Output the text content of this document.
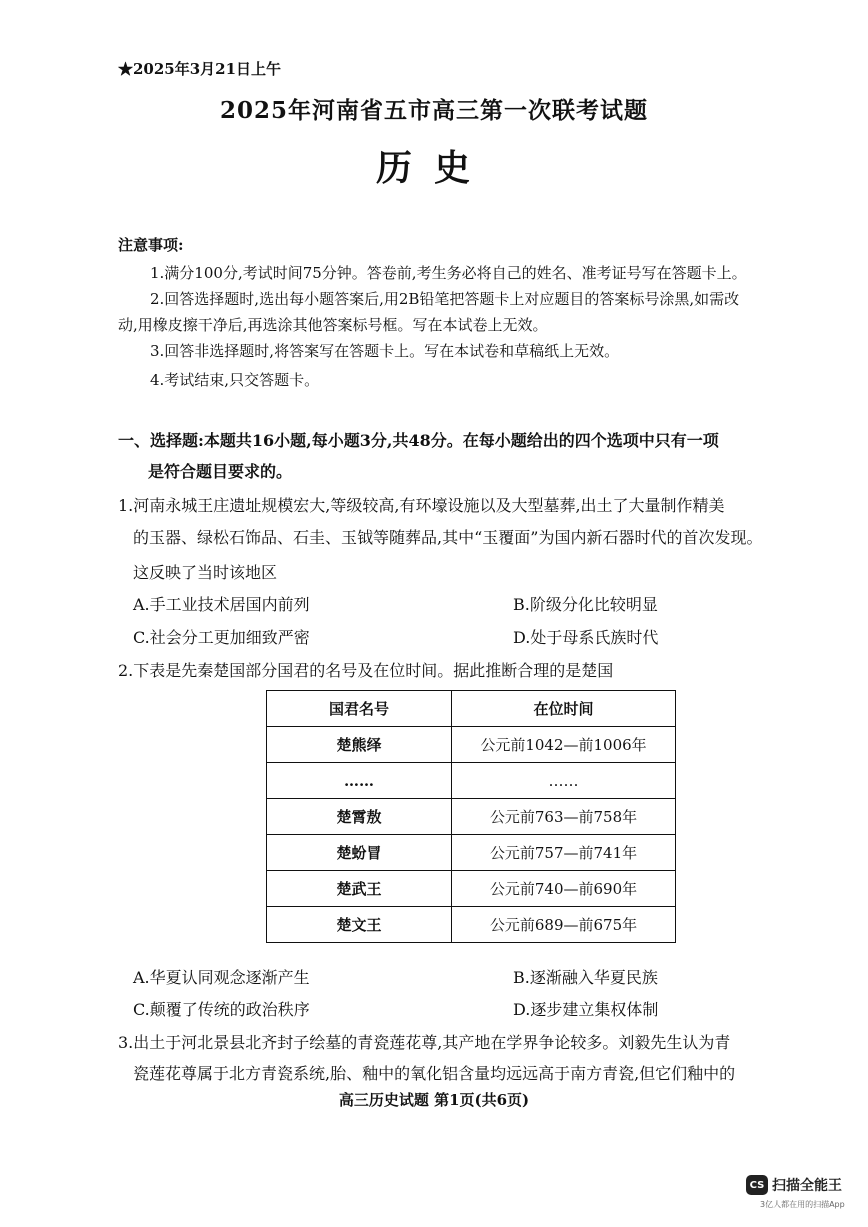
★2025年3月21日上午
2025年河南省五市高三第一次联考试题
历史
注意事项:
1.满分100分,考试时间75分钟。答卷前,考生务必将自己的姓名、准考证号写在答题卡上。
2.回答选择题时,选出每小题答案后,用2B铅笔把答题卡上对应题目的答案标号涂黑,如需改
动,用橡皮擦干净后,再选涂其他答案标号框。写在本试卷上无效。
3.回答非选择题时,将答案写在答题卡上。写在本试卷和草稿纸上无效。
4.考试结束,只交答题卡。
一、选择题:本题共16小题,每小题3分,共48分。在每小题给出的四个选项中只有一项
是符合题目要求的。
1.河南永城王庄遗址规模宏大,等级较高,有环壕设施以及大型墓葬,出土了大量制作精美
的玉器、绿松石饰品、石圭、玉钺等随葬品,其中“玉覆面”为国内新石器时代的首次发现。
这反映了当时该地区
A.手工业技术居国内前列	B.阶级分化比较明显
C.社会分工更加细致严密	D.处于母系氏族时代
2.下表是先秦楚国部分国君的名号及在位时间。据此推断合理的是楚国
国君名号	在位时间
楚熊绎	公元前1042—前1006年
……	……
楚霄敖	公元前763—前758年
楚蚡冒	公元前757—前741年
楚武王	公元前740—前690年
楚文王	公元前689—前675年
A.华夏认同观念逐渐产生	B.逐渐融入华夏民族
C.颠覆了传统的政治秩序	D.逐步建立集权体制
3.出土于河北景县北齐封子绘墓的青瓷莲花尊,其产地在学界争论较多。刘毅先生认为青
瓷莲花尊属于北方青瓷系统,胎、釉中的氧化铝含量均远远高于南方青瓷,但它们釉中的
高三历史试题 第1页(共6页)
CS 扫描全能王
3亿人都在用的扫描App
